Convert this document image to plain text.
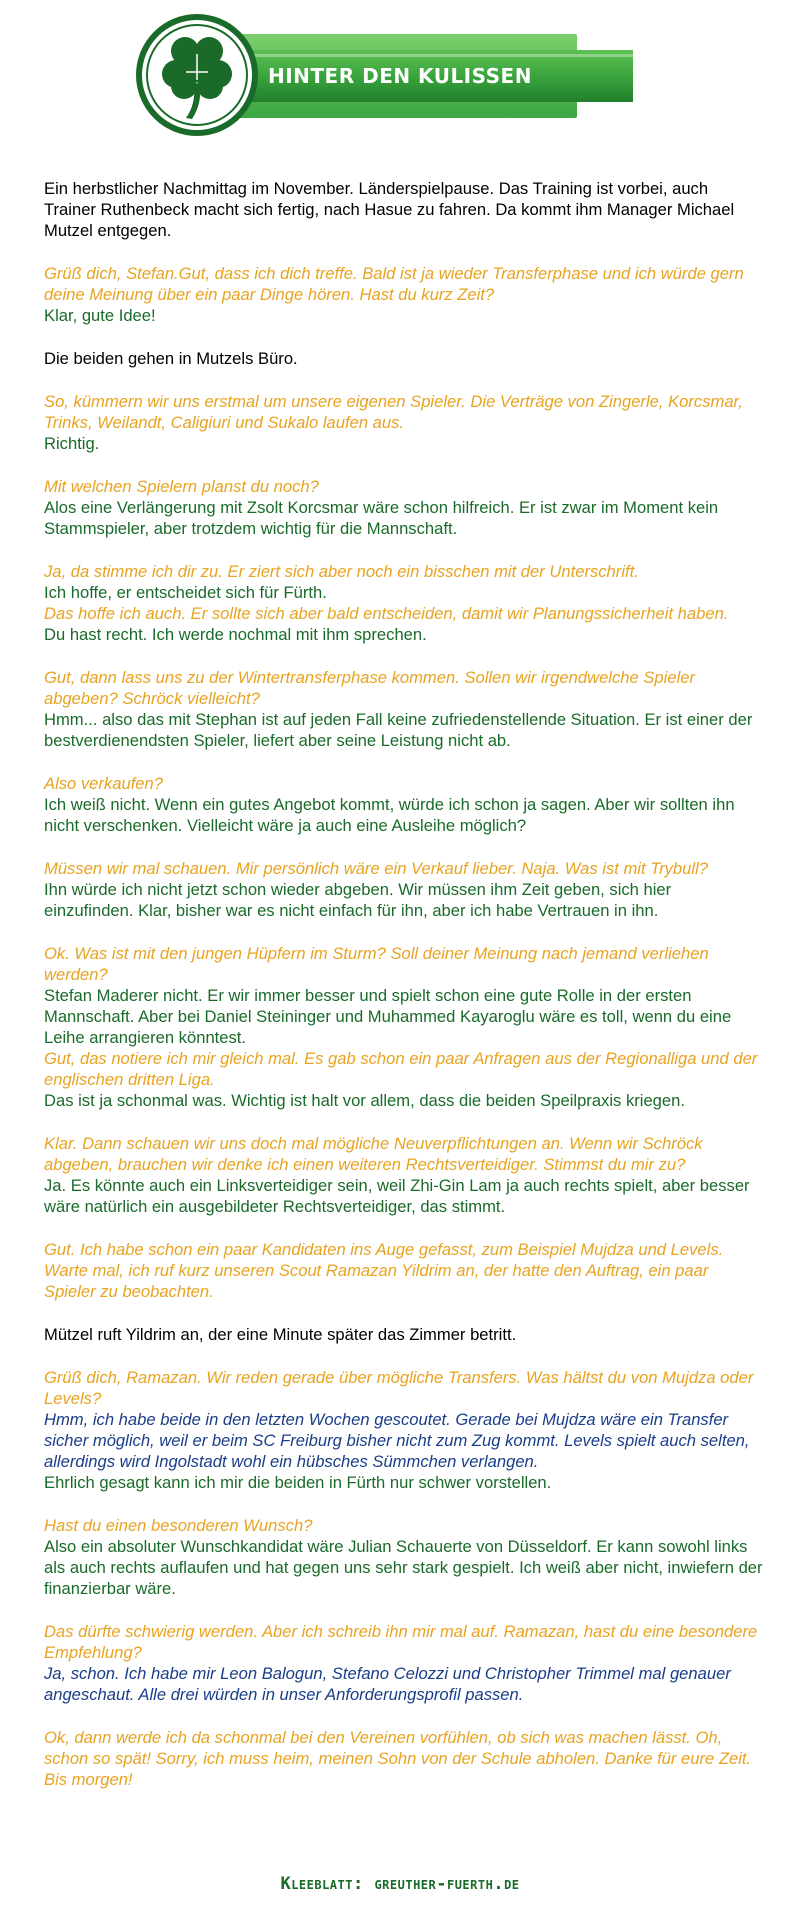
HINTER DEN KULISSEN

Ein herbstlicher Nachmittag im November. Länderspielpause. Das Training ist vorbei, auch Trainer Ruthenbeck macht sich fertig, nach Hasue zu fahren. Da kommt ihm Manager Michael Mutzel entgegen.

Grüß dich, Stefan.Gut, dass ich dich treffe. Bald ist ja wieder Transferphase und ich würde gern deine Meinung über ein paar Dinge hören. Hast du kurz Zeit?

Klar, gute Idee!

Die beiden gehen in Mutzels Büro.

So, kümmern wir uns erstmal um unsere eigenen Spieler. Die Verträge von Zingerle, Korcsmar, Trinks, Weilandt, Caligiuri und Sukalo laufen aus.

Richtig.

Mit welchen Spielern planst du noch?

Alos eine Verlängerung mit Zsolt Korcsmar wäre schon hilfreich. Er ist zwar im Moment kein Stammspieler, aber trotzdem wichtig für die Mannschaft.

Ja, da stimme ich dir zu. Er ziert sich aber noch ein bisschen mit der Unterschrift.

Ich hoffe, er entscheidet sich für Fürth.

Das hoffe ich auch. Er sollte sich aber bald entscheiden, damit wir Planungssicherheit haben.

Du hast recht. Ich werde nochmal mit ihm sprechen.

Gut, dann lass uns zu der Wintertransferphase kommen. Sollen wir irgendwelche Spieler abgeben? Schröck vielleicht?

Hmm... also das mit Stephan ist auf jeden Fall keine zufriedenstellende Situation. Er ist einer der bestverdienendsten Spieler, liefert aber seine Leistung nicht ab.

Also verkaufen?

Ich weiß nicht. Wenn ein gutes Angebot kommt, würde ich schon ja sagen. Aber wir sollten ihn nicht verschenken. Vielleicht wäre ja auch eine Ausleihe möglich?

Müssen wir mal schauen. Mir persönlich wäre ein Verkauf lieber. Naja. Was ist mit Trybull?

Ihn würde ich nicht jetzt schon wieder abgeben. Wir müssen ihm Zeit geben, sich hier einzufinden. Klar, bisher war es nicht einfach für ihn, aber ich habe Vertrauen in ihn.

Ok. Was ist mit den jungen Hüpfern im Sturm? Soll deiner Meinung nach jemand verliehen werden?

Stefan Maderer nicht. Er wir immer besser und spielt schon eine gute Rolle in der ersten Mannschaft. Aber bei Daniel Steininger und Muhammed Kayaroglu wäre es toll, wenn du eine Leihe arrangieren könntest.

Gut, das notiere ich mir gleich mal. Es gab schon ein paar Anfragen aus der Regionalliga und der englischen dritten Liga.

Das ist ja schonmal was. Wichtig ist halt vor allem, dass die beiden Speilpraxis kriegen.

Klar. Dann schauen wir uns doch mal mögliche Neuverpflichtungen an. Wenn wir Schröck abgeben, brauchen wir denke ich einen weiteren Rechtsverteidiger. Stimmst du mir zu?

Ja. Es könnte auch ein Linksverteidiger sein, weil Zhi-Gin Lam ja auch rechts spielt, aber besser wäre natürlich ein ausgebildeter Rechtsverteidiger, das stimmt.

Gut. Ich habe schon ein paar Kandidaten ins Auge gefasst, zum Beispiel Mujdza und Levels. Warte mal, ich ruf kurz unseren Scout Ramazan Yildrim an, der hatte den Auftrag, ein paar Spieler zu beobachten.

Mützel ruft Yildrim an, der eine Minute später das Zimmer betritt.

Grüß dich, Ramazan. Wir reden gerade über mögliche Transfers. Was hältst du von Mujdza oder Levels?

Hmm, ich habe beide in den letzten Wochen gescoutet. Gerade bei Mujdza wäre ein Transfer sicher möglich, weil er beim SC Freiburg bisher nicht zum Zug kommt. Levels spielt auch selten, allerdings wird Ingolstadt wohl ein hübsches Sümmchen verlangen.

Ehrlich gesagt kann ich mir die beiden in Fürth nur schwer vorstellen.

Hast du einen besonderen Wunsch?

Also ein absoluter Wunschkandidat wäre Julian Schauerte von Düsseldorf. Er kann sowohl links als auch rechts auflaufen und hat gegen uns sehr stark gespielt. Ich weiß aber nicht, inwiefern der finanzierbar wäre.

Das dürfte schwierig werden. Aber ich schreib ihn mir mal auf. Ramazan, hast du eine besondere Empfehlung?

Ja, schon. Ich habe mir Leon Balogun, Stefano Celozzi und Christopher Trimmel mal genauer angeschaut. Alle drei würden in unser Anforderungsprofil passen.

Ok, dann werde ich da schonmal bei den Vereinen vorfühlen, ob sich was machen lässt. Oh, schon so spät! Sorry, ich muss heim, meinen Sohn von der Schule abholen. Danke für eure Zeit. Bis morgen!

Kleeblatt: greuther-fuerth.de
